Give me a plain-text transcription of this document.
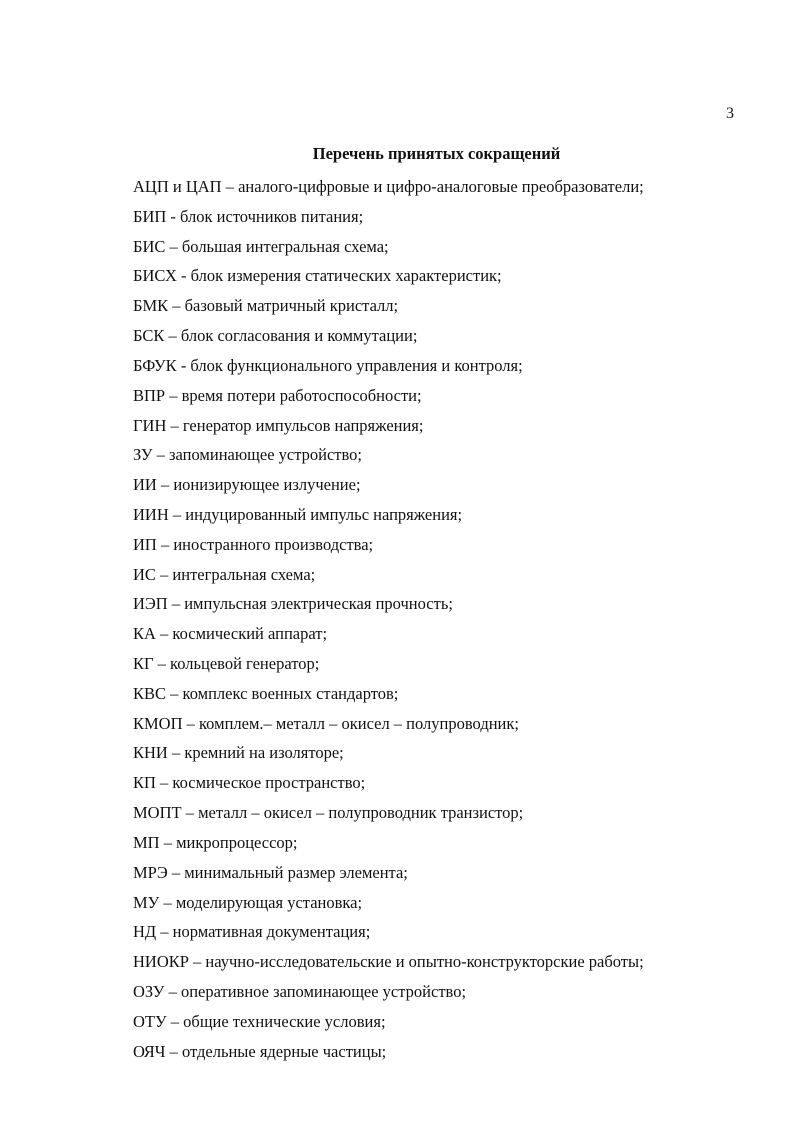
3
Перечень принятых сокращений
АЦП и ЦАП – аналого-цифровые и цифро-аналоговые преобразователи;
БИП - блок источников питания;
БИС – большая интегральная схема;
БИСХ - блок измерения статических характеристик;
БМК – базовый матричный кристалл;
БСК – блок согласования и коммутации;
БФУК - блок функционального управления и контроля;
ВПР – время потери работоспособности;
ГИН – генератор импульсов напряжения;
ЗУ – запоминающее устройство;
ИИ – ионизирующее излучение;
ИИН – индуцированный импульс напряжения;
ИП – иностранного производства;
ИС – интегральная схема;
ИЭП – импульсная электрическая прочность;
КА – космический аппарат;
КГ – кольцевой генератор;
КВС – комплекс военных стандартов;
КМОП – комплем.– металл – окисел – полупроводник;
КНИ – кремний на изоляторе;
КП – космическое пространство;
МОПТ – металл – окисел – полупроводник транзистор;
МП – микропроцессор;
МРЭ – минимальный размер элемента;
МУ – моделирующая установка;
НД – нормативная документация;
НИОКР – научно-исследовательские и опытно-конструкторские работы;
ОЗУ – оперативное запоминающее устройство;
ОТУ – общие технические условия;
ОЯЧ – отдельные ядерные частицы;
